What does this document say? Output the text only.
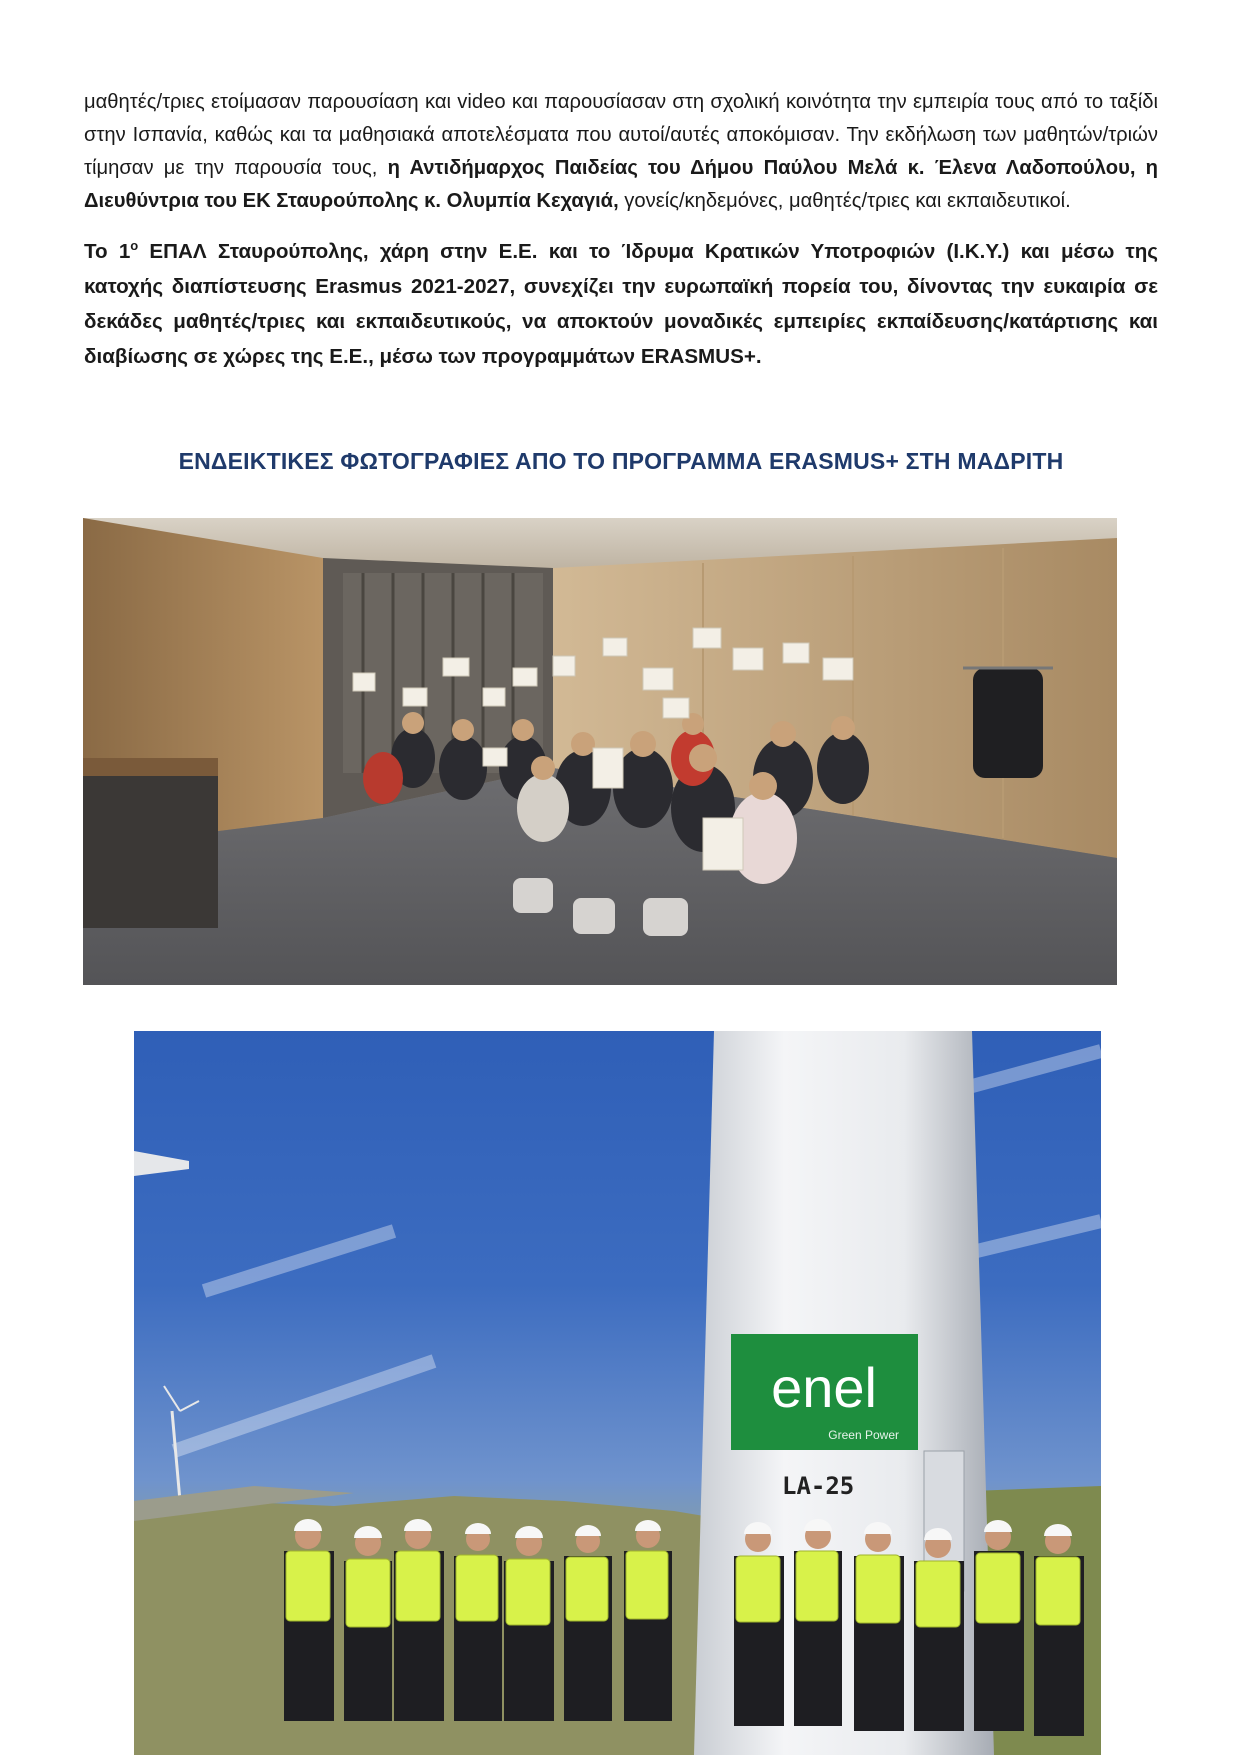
μαθητές/τριες ετοίμασαν παρουσίαση και video και παρουσίασαν στη σχολική κοινότητα την εμπειρία τους από το ταξίδι στην Ισπανία, καθώς και τα μαθησιακά αποτελέσματα που αυτοί/αυτές αποκόμισαν. Την εκδήλωση των μαθητών/τριών τίμησαν με την παρουσία τους, η Αντιδήμαρχος Παιδείας του Δήμου Παύλου Μελά κ. Έλενα Λαδοπούλου, η Διευθύντρια του ΕΚ Σταυρούπολης κ. Ολυμπία Κεχαγιά, γονείς/κηδεμόνες, μαθητές/τριες και εκπαιδευτικοί.

Το $1^o$ ΕΠΑΛ Σταυρούπολης, χάρη στην Ε.Ε. και το Ίδρυμα Κρατικών Υποτροφιών (Ι.Κ.Υ.) και μέσω της κατοχής διαπίστευσης Erasmus 2021-2027, συνεχίζει την ευρωπαϊκή πορεία του, δίνοντας την ευκαιρία σε δεκάδες μαθητές/τριες και εκπαιδευτικούς, να αποκτούν μοναδικές εμπειρίες εκπαίδευσης/κατάρτισης και διαβίωσης σε χώρες της Ε.Ε., μέσω των προγραμμάτων ERASMUS+.

ΕΝΔΕΙΚΤΙΚΕΣ ΦΩΤΟΓΡΑΦΙΕΣ ΑΠΟ ΤΟ ΠΡΟΓΡΑΜΜΑ ERASMUS+ ΣΤΗ ΜΑΔΡΙΤΗ
enel
Green Power
LA-25
